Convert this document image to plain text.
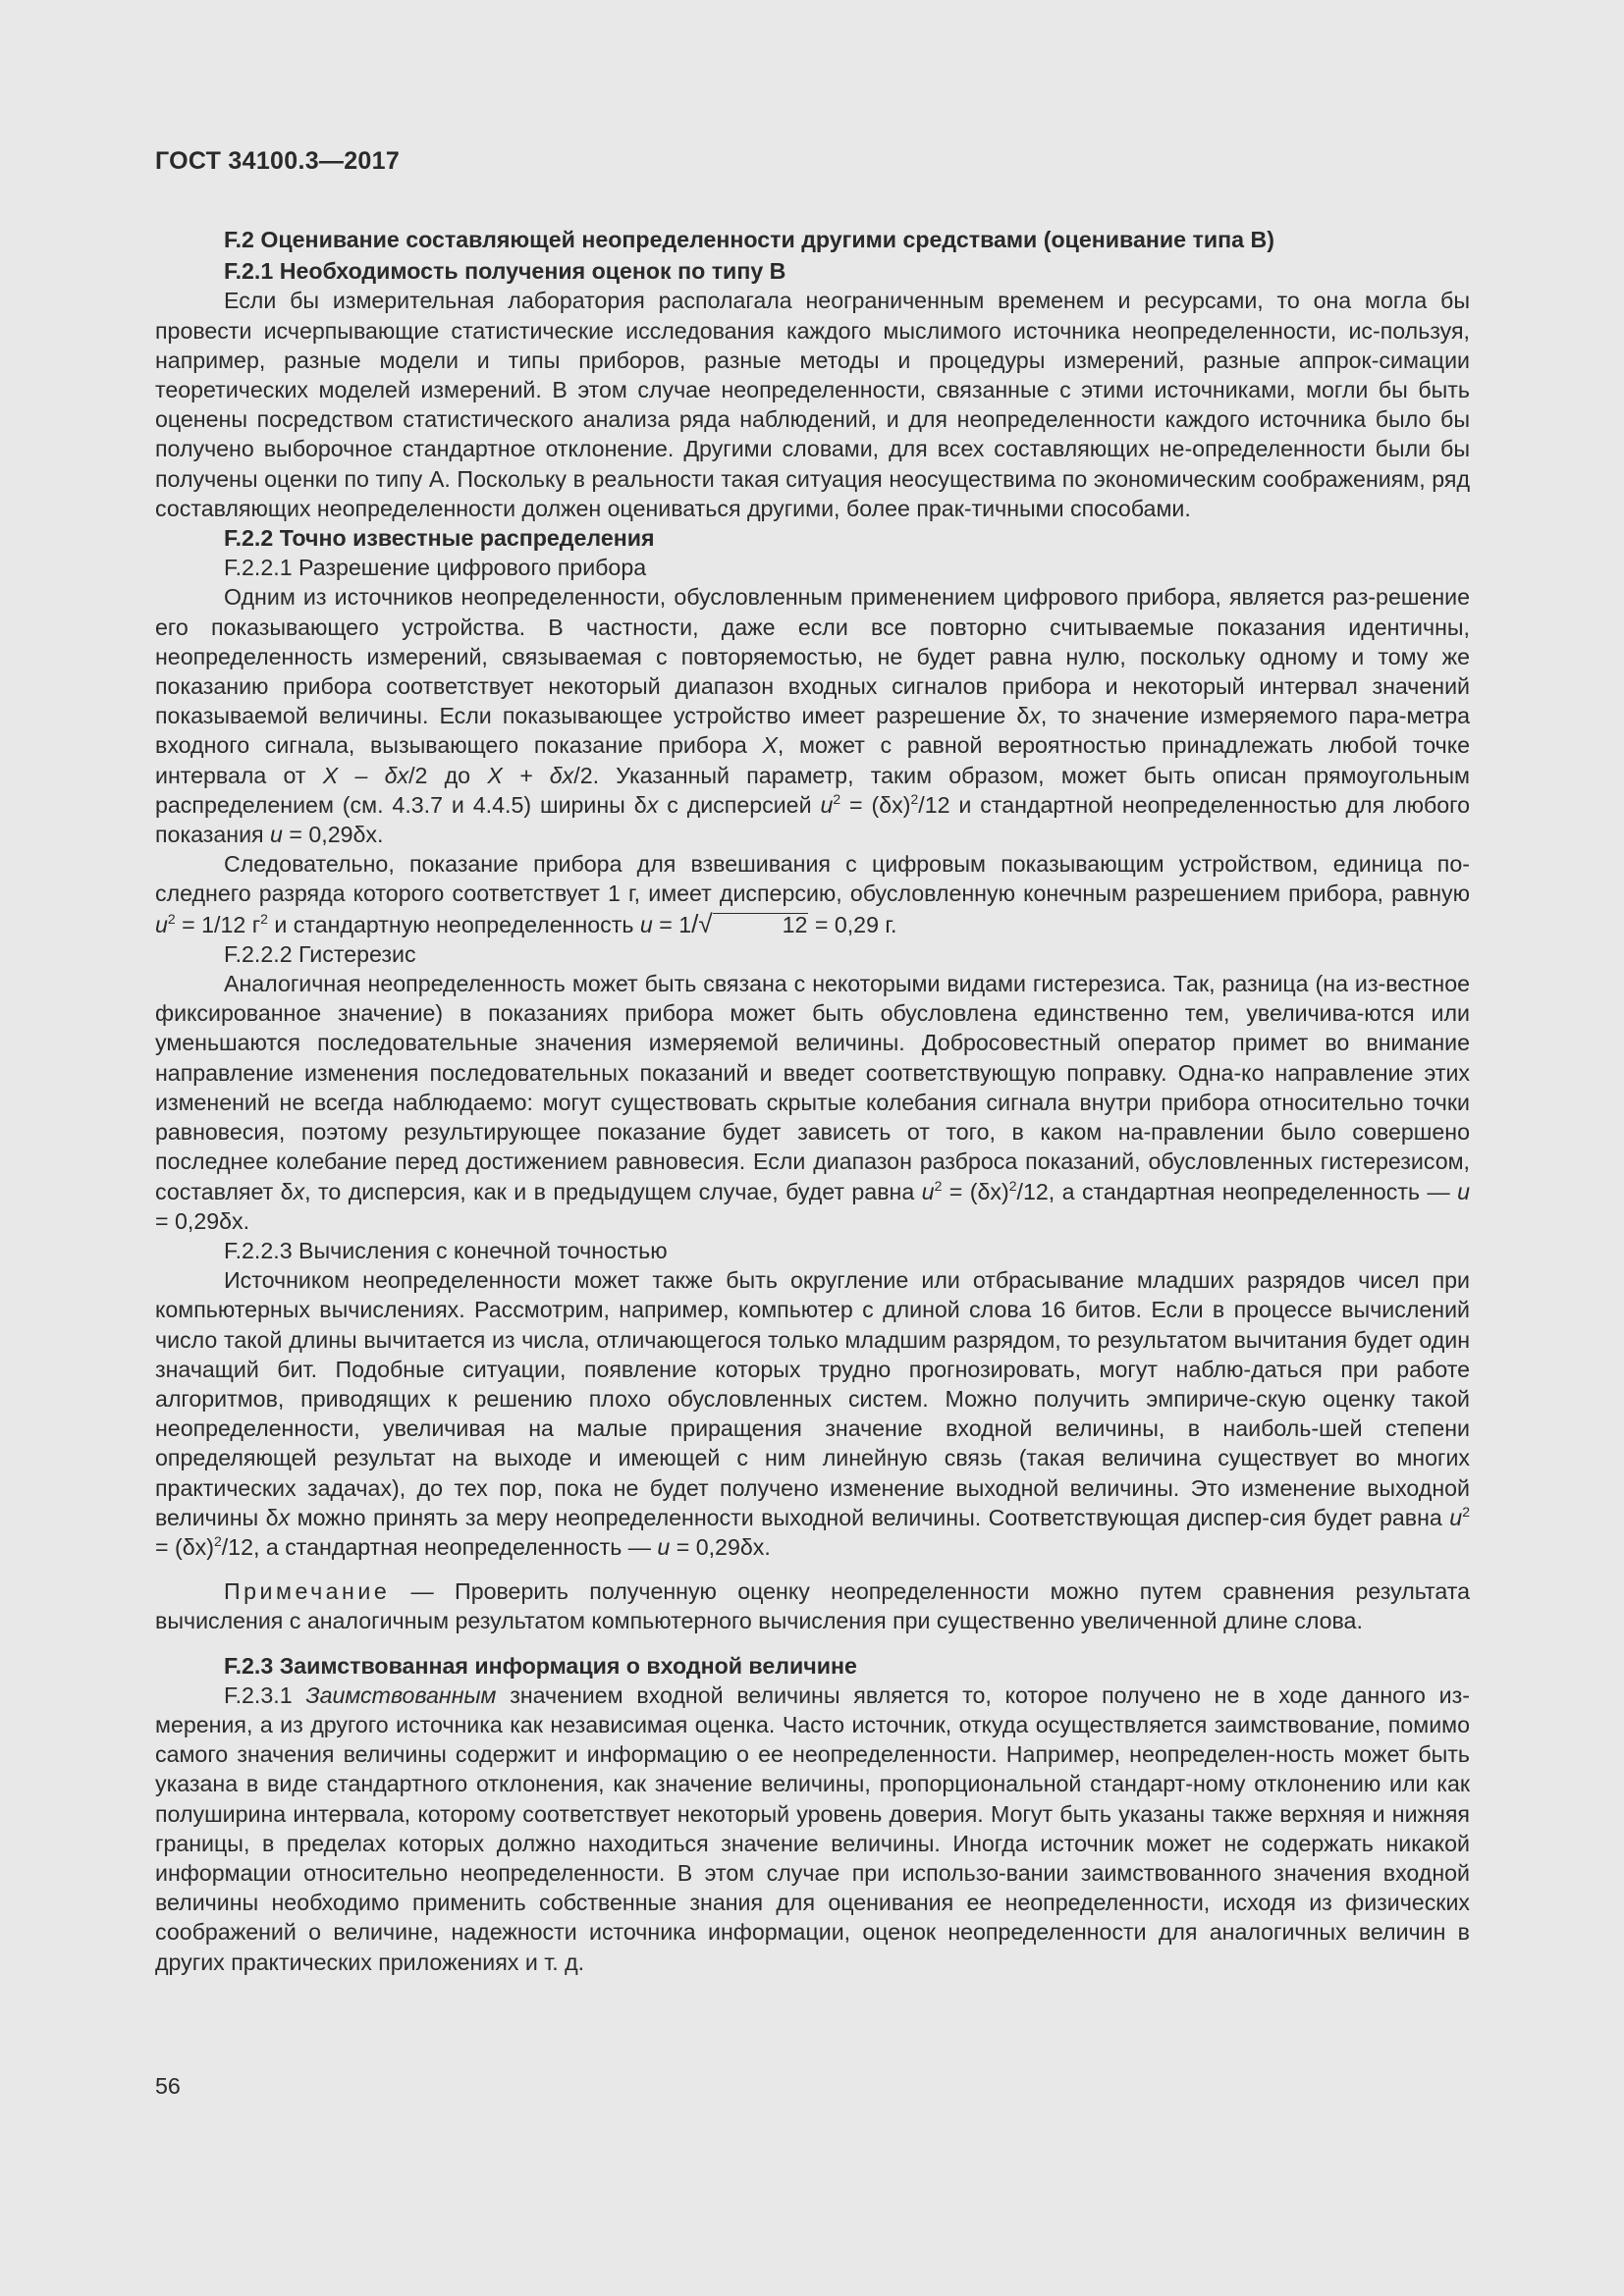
ГОСТ 34100.3—2017

F.2 Оценивание составляющей неопределенности другими средствами (оценивание типа B)

F.2.1 Необходимость получения оценок по типу B

Если бы измерительная лаборатория располагала неограниченным временем и ресурсами, то она могла бы провести исчерпывающие статистические исследования каждого мыслимого источника неопределенности, ис-пользуя, например, разные модели и типы приборов, разные методы и процедуры измерений, разные аппрок-симации теоретических моделей измерений. В этом случае неопределенности, связанные с этими источниками, могли бы быть оценены посредством статистического анализа ряда наблюдений, и для неопределенности каждого источника было бы получено выборочное стандартное отклонение. Другими словами, для всех составляющих не-определенности были бы получены оценки по типу A. Поскольку в реальности такая ситуация неосуществима по экономическим соображениям, ряд составляющих неопределенности должен оцениваться другими, более прак-тичными способами.

F.2.2 Точно известные распределения

F.2.2.1 Разрешение цифрового прибора

Одним из источников неопределенности, обусловленным применением цифрового прибора, является раз-решение его показывающего устройства. В частности, даже если все повторно считываемые показания идентичны, неопределенность измерений, связываемая с повторяемостью, не будет равна нулю, поскольку одному и тому же показанию прибора соответствует некоторый диапазон входных сигналов прибора и некоторый интервал значений показываемой величины. Если показывающее устройство имеет разрешение δx, то значение измеряемого пара-метра входного сигнала, вызывающего показание прибора X, может с равной вероятностью принадлежать любой точке интервала от X – δx/2 до X + δx/2. Указанный параметр, таким образом, может быть описан прямоугольным распределением (см. 4.3.7 и 4.4.5) ширины δx с дисперсией $u^2 = (\delta x)^2/12$ и стандартной неопределенностью для любого показания u = 0,29δx.

Следовательно, показание прибора для взвешивания с цифровым показывающим устройством, единица по-следнего разряда которого соответствует 1 г, имеет дисперсию, обусловленную конечным разрешением прибора, равную $u^2 = 1/12$ $г^2$ и стандартную неопределенность u = 1/√	12 = 0,29 г.

F.2.2.2 Гистерезис

Аналогичная неопределенность может быть связана с некоторыми видами гистерезиса. Так, разница (на из-вестное фиксированное значение) в показаниях прибора может быть обусловлена единственно тем, увеличива-ются или уменьшаются последовательные значения измеряемой величины. Добросовестный оператор примет во внимание направление изменения последовательных показаний и введет соответствующую поправку. Одна-ко направление этих изменений не всегда наблюдаемо: могут существовать скрытые колебания сигнала внутри прибора относительно точки равновесия, поэтому результирующее показание будет зависеть от того, в каком на-правлении было совершено последнее колебание перед достижением равновесия. Если диапазон разброса показаний, обусловленных гистерезисом, составляет δx, то дисперсия, как и в предыдущем случае, будет равна $u^2 = (\delta x)^2/12$, а стандартная неопределенность — u = 0,29δx.

F.2.2.3 Вычисления с конечной точностью

Источником неопределенности может также быть округление или отбрасывание младших разрядов чисел при компьютерных вычислениях. Рассмотрим, например, компьютер с длиной слова 16 битов. Если в процессе вычислений число такой длины вычитается из числа, отличающегося только младшим разрядом, то результатом вычитания будет один значащий бит. Подобные ситуации, появление которых трудно прогнозировать, могут наблю-даться при работе алгоритмов, приводящих к решению плохо обусловленных систем. Можно получить эмпириче-скую оценку такой неопределенности, увеличивая на малые приращения значение входной величины, в наиболь-шей степени определяющей результат на выходе и имеющей с ним линейную связь (такая величина существует во многих практических задачах), до тех пор, пока не будет получено изменение выходной величины. Это изменение выходной величины δx можно принять за меру неопределенности выходной величины. Соответствующая диспер-сия будет равна $u^2 = (\delta x)^2/12$, а стандартная неопределенность — u = 0,29δx.

Примечание — Проверить полученную оценку неопределенности можно путем сравнения результата вычисления с аналогичным результатом компьютерного вычисления при существенно увеличенной длине слова.

F.2.3 Заимствованная информация о входной величине

F.2.3.1 Заимствованным значением входной величины является то, которое получено не в ходе данного из-мерения, а из другого источника как независимая оценка. Часто источник, откуда осуществляется заимствование, помимо самого значения величины содержит и информацию о ее неопределенности. Например, неопределен-ность может быть указана в виде стандартного отклонения, как значение величины, пропорциональной стандарт-ному отклонению или как полуширина интервала, которому соответствует некоторый уровень доверия. Могут быть указаны также верхняя и нижняя границы, в пределах которых должно находиться значение величины. Иногда источник может не содержать никакой информации относительно неопределенности. В этом случае при использо-вании заимствованного значения входной величины необходимо применить собственные знания для оценивания ее неопределенности, исходя из физических соображений о величине, надежности источника информации, оценок неопределенности для аналогичных величин в других практических приложениях и т. д.

56
